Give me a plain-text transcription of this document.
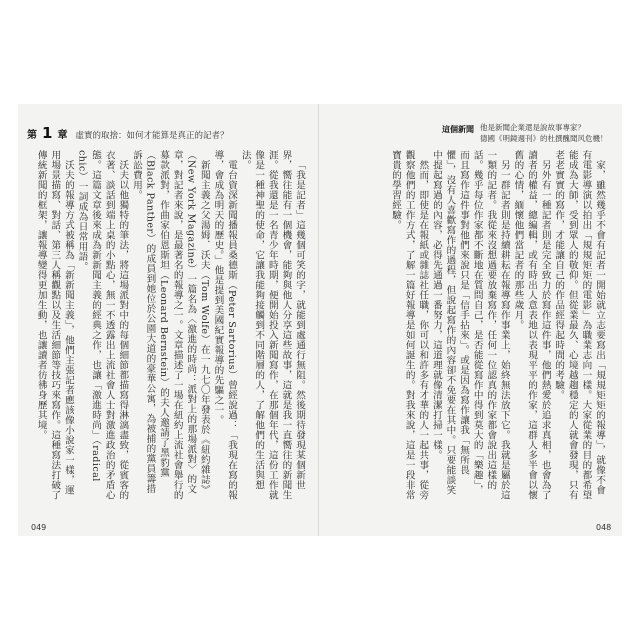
第 1 章 虛實的取捨：如何才能算是真正的記者？
這個新聞 他是新聞企業還是說故事專家？
德國《明鏡週刊》的杜撰醜聞风危機！

家，雖然幾乎不會有記者一開始就立志要寫出「規規矩矩的報導」，就像不會有電影導演以拍出「規規矩矩的電影」為職業志向一樣。大家從業的目的都希望能成為大師，受到眾人的敬仰。但從業最久、心境越趨穩定的人就會發現，只有老老實實的寫作，才能讓自己的作品經得起時間的考驗。

另外有一種記者則是完全致力於寫作這件事，他們熱愛於追求真相，也會為了讀者的權益，總編輯，或有時出人意表地以表現平平的作家，這群人多半會以懷舊的心情，緬懷他們當記者的那些歲月。

另一群記者則是持續耕耘在報導寫作事業上，始終無法放下它。我就是屬於這一類的記者。我從來沒想過要放棄寫作，任何一位認真的作家都會說出這樣的話。幾乎每位作家都不斷地在質問自己，是否能從寫作中得到莫大的「樂趣」，而且寫作這件事對他們來說只是「信手拈來」。或是因為寫作讓我「無所畏懼」，沒有人喜歡寫作的過程，但說起寫作的內容卻不免要在其中。只要能談笑中提起寫過的內容，必得先通過一番努力，這道理就像清潔打掃一樣。

然而，即使是在報紙或雜誌社任職，你可以和許多有才華的人一起共事，從旁觀察他們的工作方式，了解一篇好報導是如何誕生的。對我來說，這是一段非常寶貴的學習經驗。

「我是記者」這幾個可笑的字，就能到處通行無阻。然後期待發現某個新世界，嚮往能有一個機會，能夠與他人分享這些故事，這就是我一直嚮往的新聞生涯。從我還是一名青少年時期，便開始投入新聞寫作，在那個年代，這份工作就像是一種神聖的使命，它讓我能夠接觸到不同階層的人，了解他們的生活與想法。

電台資深新聞播報員桑德斯（Peter Sartorius）曾經說過：「我現在寫的報導，會成為明天的歷史。」他是提到美國紀實報導的先驅之一。

新聞主義之父湯姆．沃夫（Tom Wolfe）在一九七〇年發表於《紐約雜誌》（New York Magazine）一篇名為〈激進的時尚：派對上的那場派對〉的文章，對記者來說，是最著名的報導之一。文章描述了一場在紐約上流社會舉行的募款派對，作曲家伯恩斯坦（Leonard Bernstein）的夫人邀請了黑豹黨（Black Panther）的成員到她位於公園大道的豪華公寓，為被捕的黨員籌措訴訟費用。

沃夫以他獨特的筆法，將這場派對中的每個細節都描寫得淋漓盡致，從賓客的衣著、談話到端上桌的小點心，無一不透露出上流社會人士對激進政治的矛盾心態。這篇文章後來成為新新聞主義的經典之作，也讓「激進時尚」（radical chic）一詞成為日常用語。

沃夫的報導方式被稱為「新新聞主義」，他們主張記者應該像小說家一樣，運用場景描寫、對話、第三人稱觀點以及生活細節等技巧來寫作。這種寫法打破了傳統新聞的框架，讓報導變得更加生動，也讓讀者彷彿身歷其境。

049	048
